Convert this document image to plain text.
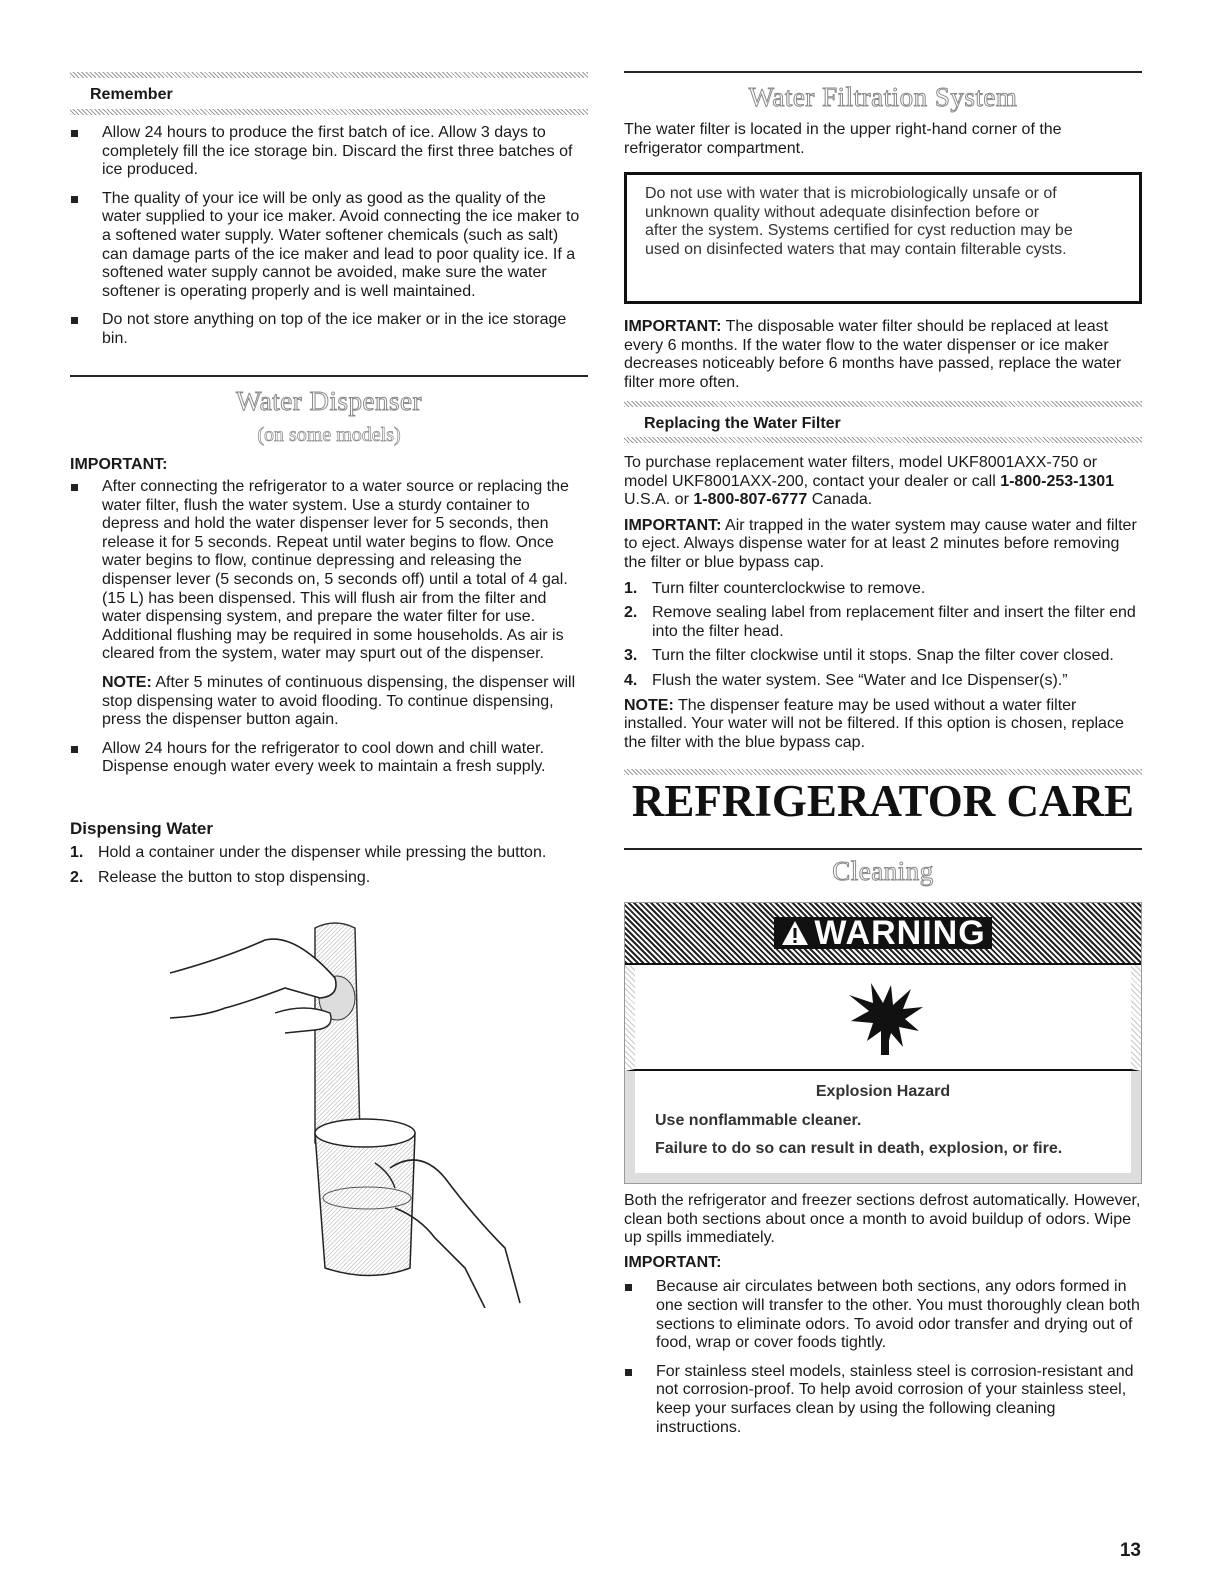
Remember
Allow 24 hours to produce the first batch of ice. Allow 3 days to completely fill the ice storage bin. Discard the first three batches of ice produced.
The quality of your ice will be only as good as the quality of the water supplied to your ice maker. Avoid connecting the ice maker to a softened water supply. Water softener chemicals (such as salt) can damage parts of the ice maker and lead to poor quality ice. If a softened water supply cannot be avoided, make sure the water softener is operating properly and is well maintained.
Do not store anything on top of the ice maker or in the ice storage bin.
Water Dispenser
(on some models)
IMPORTANT:
After connecting the refrigerator to a water source or replacing the water filter, flush the water system. Use a sturdy container to depress and hold the water dispenser lever for 5 seconds, then release it for 5 seconds. Repeat until water begins to flow. Once water begins to flow, continue depressing and releasing the dispenser lever (5 seconds on, 5 seconds off) until a total of 4 gal. (15 L) has been dispensed. This will flush air from the filter and water dispensing system, and prepare the water filter for use. Additional flushing may be required in some households. As air is cleared from the system, water may spurt out of the dispenser.
NOTE: After 5 minutes of continuous dispensing, the dispenser will stop dispensing water to avoid flooding. To continue dispensing, press the dispenser button again.
Allow 24 hours for the refrigerator to cool down and chill water. Dispense enough water every week to maintain a fresh supply.
Dispensing Water
1. Hold a container under the dispenser while pressing the button.
2. Release the button to stop dispensing.
Water Filtration System
The water filter is located in the upper right-hand corner of the refrigerator compartment.
Do not use with water that is microbiologically unsafe or of unknown quality without adequate disinfection before or after the system. Systems certified for cyst reduction may be used on disinfected waters that may contain filterable cysts.
IMPORTANT: The disposable water filter should be replaced at least every 6 months. If the water flow to the water dispenser or ice maker decreases noticeably before 6 months have passed, replace the water filter more often.
Replacing the Water Filter
To purchase replacement water filters, model UKF8001AXX-750 or model UKF8001AXX-200, contact your dealer or call 1-800-253-1301 U.S.A. or 1-800-807-6777 Canada.
IMPORTANT: Air trapped in the water system may cause water and filter to eject. Always dispense water for at least 2 minutes before removing the filter or blue bypass cap.
1. Turn filter counterclockwise to remove.
2. Remove sealing label from replacement filter and insert the filter end into the filter head.
3. Turn the filter clockwise until it stops. Snap the filter cover closed.
4. Flush the water system. See “Water and Ice Dispenser(s).”
NOTE: The dispenser feature may be used without a water filter installed. Your water will not be filtered. If this option is chosen, replace the filter with the blue bypass cap.
REFRIGERATOR CARE
Cleaning
WARNING
Explosion Hazard
Use nonflammable cleaner.
Failure to do so can result in death, explosion, or fire.
Both the refrigerator and freezer sections defrost automatically. However, clean both sections about once a month to avoid buildup of odors. Wipe up spills immediately.
IMPORTANT:
Because air circulates between both sections, any odors formed in one section will transfer to the other. You must thoroughly clean both sections to eliminate odors. To avoid odor transfer and drying out of food, wrap or cover foods tightly.
For stainless steel models, stainless steel is corrosion-resistant and not corrosion-proof. To help avoid corrosion of your stainless steel, keep your surfaces clean by using the following cleaning instructions.
13
